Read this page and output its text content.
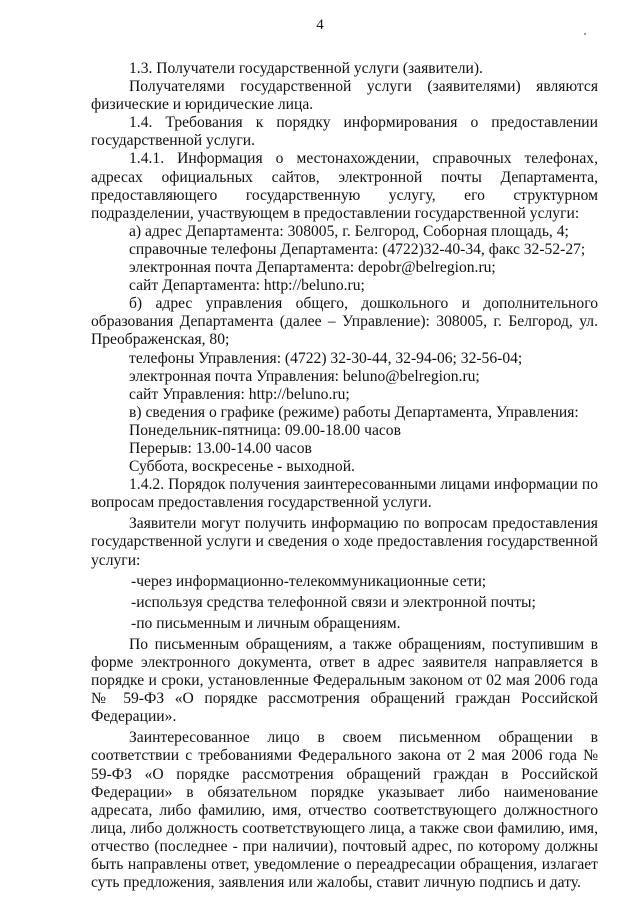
4

1.3. Получатели государственной услуги (заявители).

Получателями государственной услуги (заявителями) являются физические и юридические лица.

1.4. Требования к порядку информирования о предоставлении государственной услуги.

1.4.1. Информация о местонахождении, справочных телефонах, адресах официальных сайтов, электронной почты Департамента, предоставляющего государственную услугу, его структурном подразделении, участвующем в предоставлении государственной услуги:

а) адрес Департамента: 308005, г. Белгород, Соборная площадь, 4;

справочные телефоны Департамента: (4722)32-40-34, факс 32-52-27;

электронная почта Департамента: depobr@belregion.ru;

сайт Департамента: http://beluno.ru;

б) адрес управления общего, дошкольного и дополнительного образования Департамента (далее – Управление): 308005, г. Белгород, ул. Преображенская, 80;

телефоны Управления: (4722) 32-30-44, 32-94-06; 32-56-04;

электронная почта Управления: beluno@belregion.ru;

сайт Управления: http://beluno.ru;

в) сведения о графике (режиме) работы Департамента, Управления:

Понедельник-пятница: 09.00-18.00 часов

Перерыв: 13.00-14.00 часов

Суббота, воскресенье - выходной.

1.4.2. Порядок получения заинтересованными лицами информации по вопросам предоставления государственной услуги.

Заявители могут получить информацию по вопросам предоставления государственной услуги и сведения о ходе предоставления государственной услуги:

-через информационно-телекоммуникационные сети;

-используя средства телефонной связи и электронной почты;

-по письменным и личным обращениям.

По письменным обращениям, а также обращениям, поступившим в форме электронного документа, ответ в адрес заявителя направляется в порядке и сроки, установленные Федеральным законом от 02 мая 2006 года № 59-ФЗ «О порядке рассмотрения обращений граждан Российской Федерации».

Заинтересованное лицо в своем письменном обращении в соответствии с требованиями Федерального закона от 2 мая 2006 года № 59-ФЗ «О порядке рассмотрения обращений граждан в Российской Федерации» в обязательном порядке указывает либо наименование адресата, либо фамилию, имя, отчество соответствующего должностного лица, либо должность соответствующего лица, а также свои фамилию, имя, отчество (последнее - при наличии), почтовый адрес, по которому должны быть направлены ответ, уведомление о переадресации обращения, излагает суть предложения, заявления или жалобы, ставит личную подпись и дату.
